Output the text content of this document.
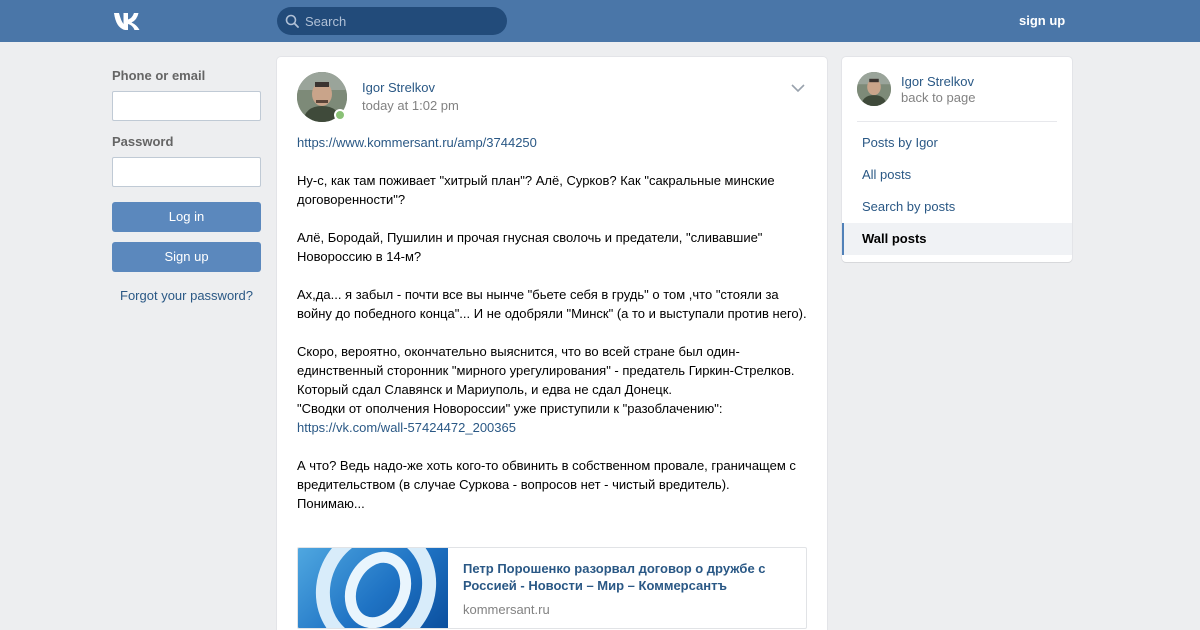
Search	sign up
Phone or email
Password
Log in
Sign up
Forgot your password?
Igor Strelkov
today at 1:02 pm

https://www.kommersant.ru/amp/3744250

Ну-с, как там поживает "хитрый план"? Алё, Сурков? Как "сакральные минские договоренности"?

Алё, Бородай, Пушилин и прочая гнусная сволочь и предатели, "сливавшие" Новороссию в 14-м?

Ах,да... я забыл - почти все вы нынче "бьете себя в грудь" о том ,что "стояли за войну до победного конца"... И не одобряли "Минск" (а то и выступали против него).

Скоро, вероятно, окончательно выяснится, что во всей стране был один-единственный сторонник "мирного урегулирования" - предатель Гиркин-Стрелков. Который сдал Славянск и Мариуполь, и едва не сдал Донецк.

"Сводки от ополчения Новороссии" уже приступили к "разоблачению":

https://vk.com/wall-57424472_200365

А что? Ведь надо-же хоть кого-то обвинить в собственном провале, граничащем с вредительством (в случае Суркова - вопросов нет - чистый вредитель).

Понимаю...

Петр Порошенко разорвал договор о дружбе с Россией - Новости – Мир – Коммерсантъ
kommersant.ru
Igor Strelkov
back to page
Posts by Igor
All posts
Search by posts
Wall posts
